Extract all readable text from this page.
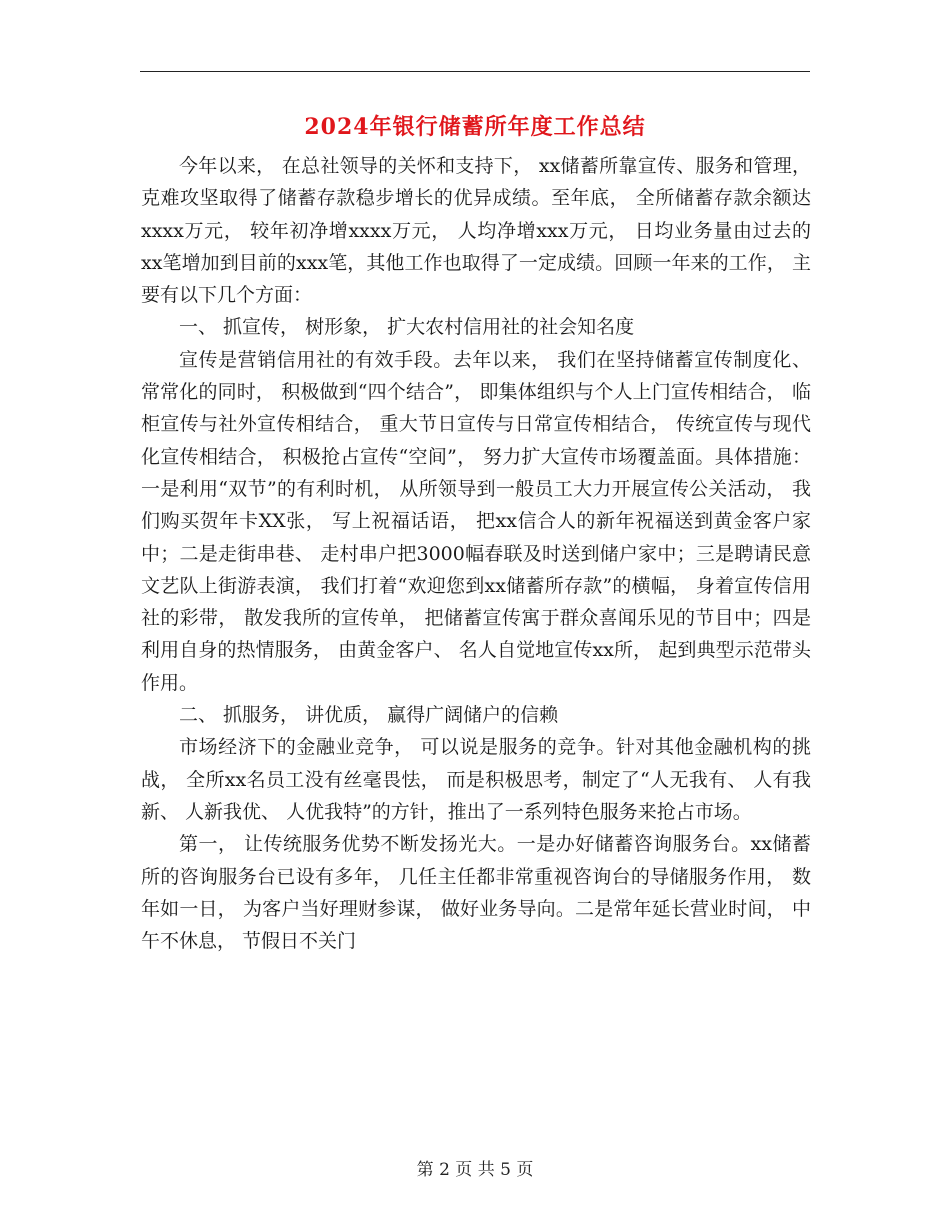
2024年银行储蓄所年度工作总结

今年以来， 在总社领导的关怀和支持下， xx储蓄所靠宣传、服务和管理， 克难攻坚取得了储蓄存款稳步增长的优异成绩。至年底， 全所储蓄存款余额达xxxx万元， 较年初净增xxxx万元， 人均净增xxx万元， 日均业务量由过去的xx笔增加到目前的xxx笔，其他工作也取得了一定成绩。回顾一年来的工作， 主要有以下几个方面：

一、 抓宣传， 树形象， 扩大农村信用社的社会知名度

宣传是营销信用社的有效手段。去年以来， 我们在坚持储蓄宣传制度化、常常化的同时， 积极做到“四个结合”， 即集体组织与个人上门宣传相结合， 临柜宣传与社外宣传相结合， 重大节日宣传与日常宣传相结合， 传统宣传与现代化宣传相结合， 积极抢占宣传“空间”， 努力扩大宣传市场覆盖面。具体措施：一是利用“双节”的有利时机， 从所领导到一般员工大力开展宣传公关活动， 我们购买贺年卡XX张， 写上祝福话语， 把xx信合人的新年祝福送到黄金客户家中；二是走街串巷、 走村串户把3000幅春联及时送到储户家中；三是聘请民意文艺队上街游表演， 我们打着“欢迎您到xx储蓄所存款”的横幅， 身着宣传信用社的彩带， 散发我所的宣传单， 把储蓄宣传寓于群众喜闻乐见的节目中；四是利用自身的热情服务， 由黄金客户、 名人自觉地宣传xx所， 起到典型示范带头作用。

二、 抓服务， 讲优质， 赢得广阔储户的信赖

市场经济下的金融业竞争， 可以说是服务的竞争。针对其他金融机构的挑战， 全所xx名员工没有丝毫畏怯， 而是积极思考，制定了“人无我有、 人有我新、 人新我优、 人优我特”的方针，推出了一系列特色服务来抢占市场。

第一， 让传统服务优势不断发扬光大。一是办好储蓄咨询服务台。xx储蓄所的咨询服务台已设有多年， 几任主任都非常重视咨询台的导储服务作用， 数年如一日， 为客户当好理财参谋， 做好业务导向。二是常年延长营业时间， 中午不休息， 节假日不关门

第 2 页 共 5 页
